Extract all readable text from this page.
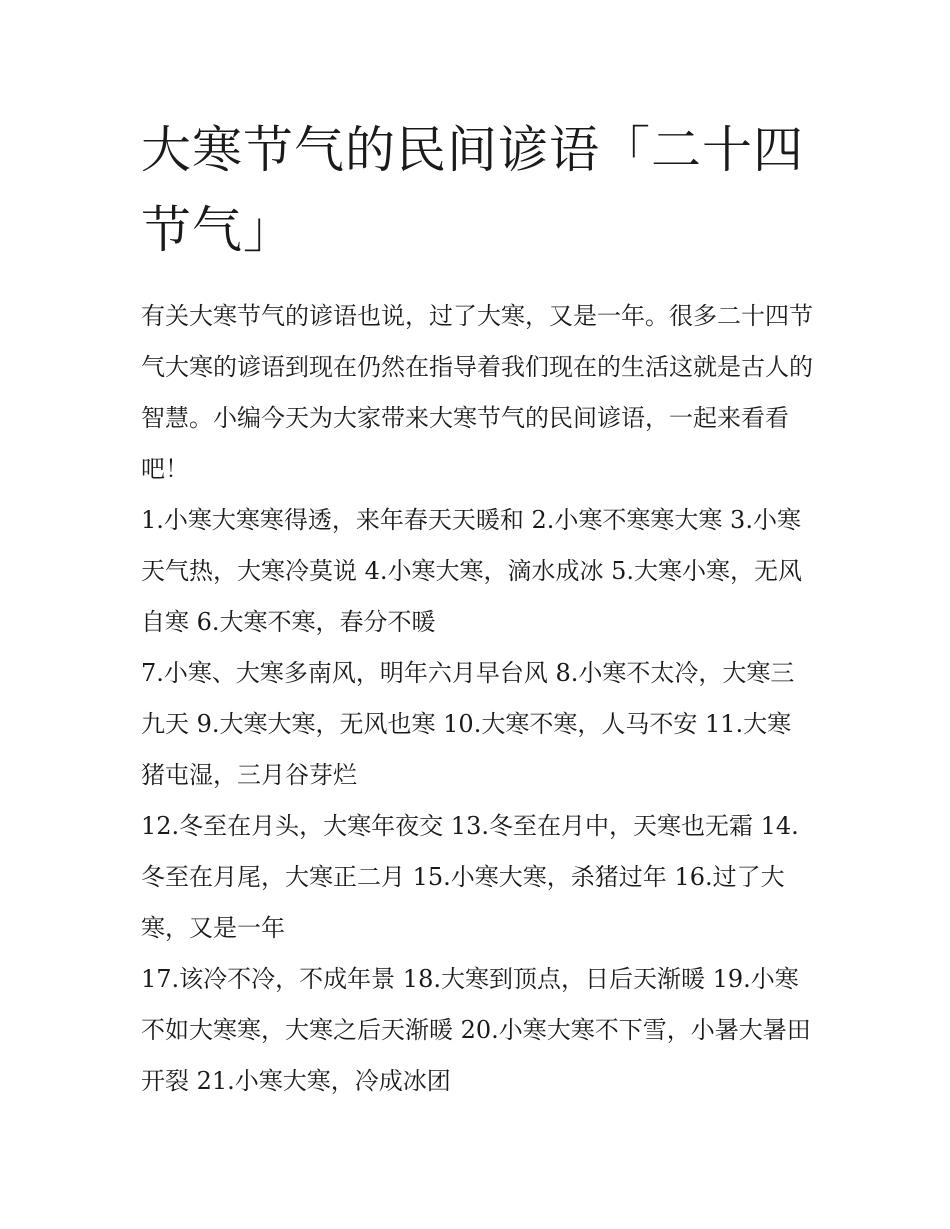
大寒节气的民间谚语「二十四节气」

有关大寒节气的谚语也说，过了大寒，又是一年。很多二十四节气大寒的谚语到现在仍然在指导着我们现在的生活这就是古人的智慧。小编今天为大家带来大寒节气的民间谚语，一起来看看吧！

1.小寒大寒寒得透，来年春天天暖和 2.小寒不寒寒大寒 3.小寒天气热，大寒冷莫说 4.小寒大寒，滴水成冰 5.大寒小寒，无风自寒 6.大寒不寒，春分不暖

7.小寒、大寒多南风，明年六月早台风 8.小寒不太冷，大寒三九天 9.大寒大寒，无风也寒 10.大寒不寒，人马不安 11.大寒猪屯湿，三月谷芽烂

12.冬至在月头，大寒年夜交 13.冬至在月中，天寒也无霜 14.冬至在月尾，大寒正二月 15.小寒大寒，杀猪过年 16.过了大寒，又是一年

17.该冷不冷，不成年景 18.大寒到顶点，日后天渐暖 19.小寒不如大寒寒，大寒之后天渐暖 20.小寒大寒不下雪，小暑大暑田开裂 21.小寒大寒，冷成冰团
